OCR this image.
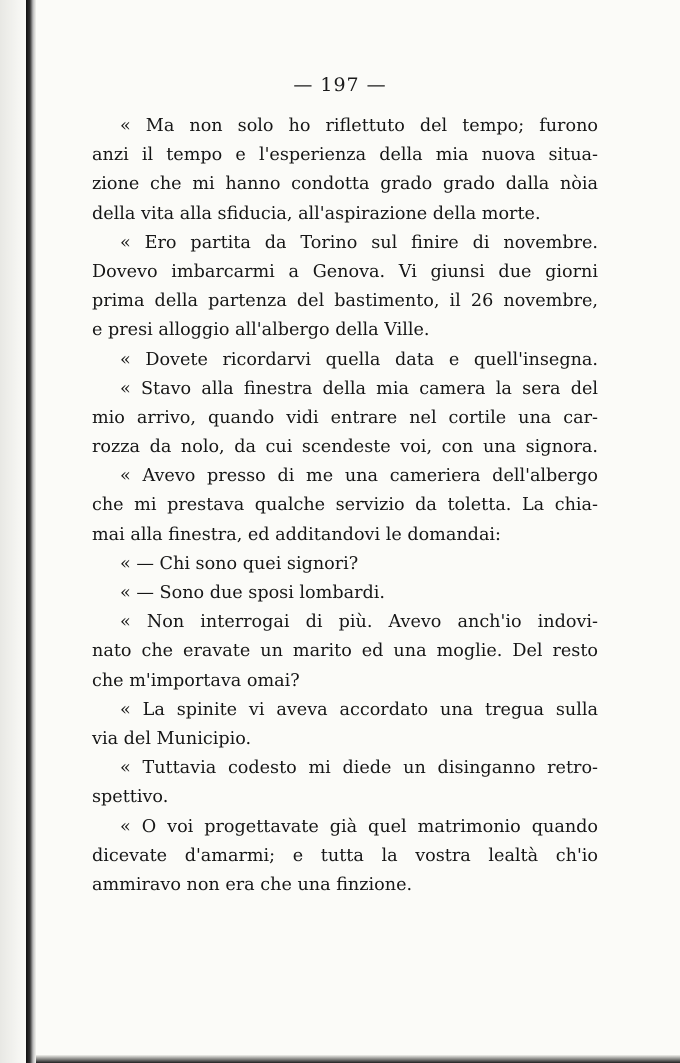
— 197 —

« Ma non solo ho riflettuto del tempo; furono

anzi il tempo e l'esperienza della mia nuova situa-

zione che mi hanno condotta grado grado dalla nòia

della vita alla sfiducia, all'aspirazione della morte.

« Ero partita da Torino sul finire di novembre.

Dovevo imbarcarmi a Genova. Vi giunsi due giorni

prima della partenza del bastimento, il 26 novembre,

e presi alloggio all'albergo della Ville.

« Dovete ricordarvi quella data e quell'insegna.

« Stavo alla finestra della mia camera la sera del

mio arrivo, quando vidi entrare nel cortile una car-

rozza da nolo, da cui scendeste voi, con una signora.

« Avevo presso di me una cameriera dell'albergo

che mi prestava qualche servizio da toletta. La chia-

mai alla finestra, ed additandovi le domandai:

« — Chi sono quei signori?

« — Sono due sposi lombardi.

« Non interrogai di più. Avevo anch'io indovi-

nato che eravate un marito ed una moglie. Del resto

che m'importava omai?

« La spinite vi aveva accordato una tregua sulla

via del Municipio.

« Tuttavia codesto mi diede un disinganno retro-

spettivo.

« O voi progettavate già quel matrimonio quando

dicevate d'amarmi; e tutta la vostra lealtà ch'io

ammiravo non era che una finzione.
